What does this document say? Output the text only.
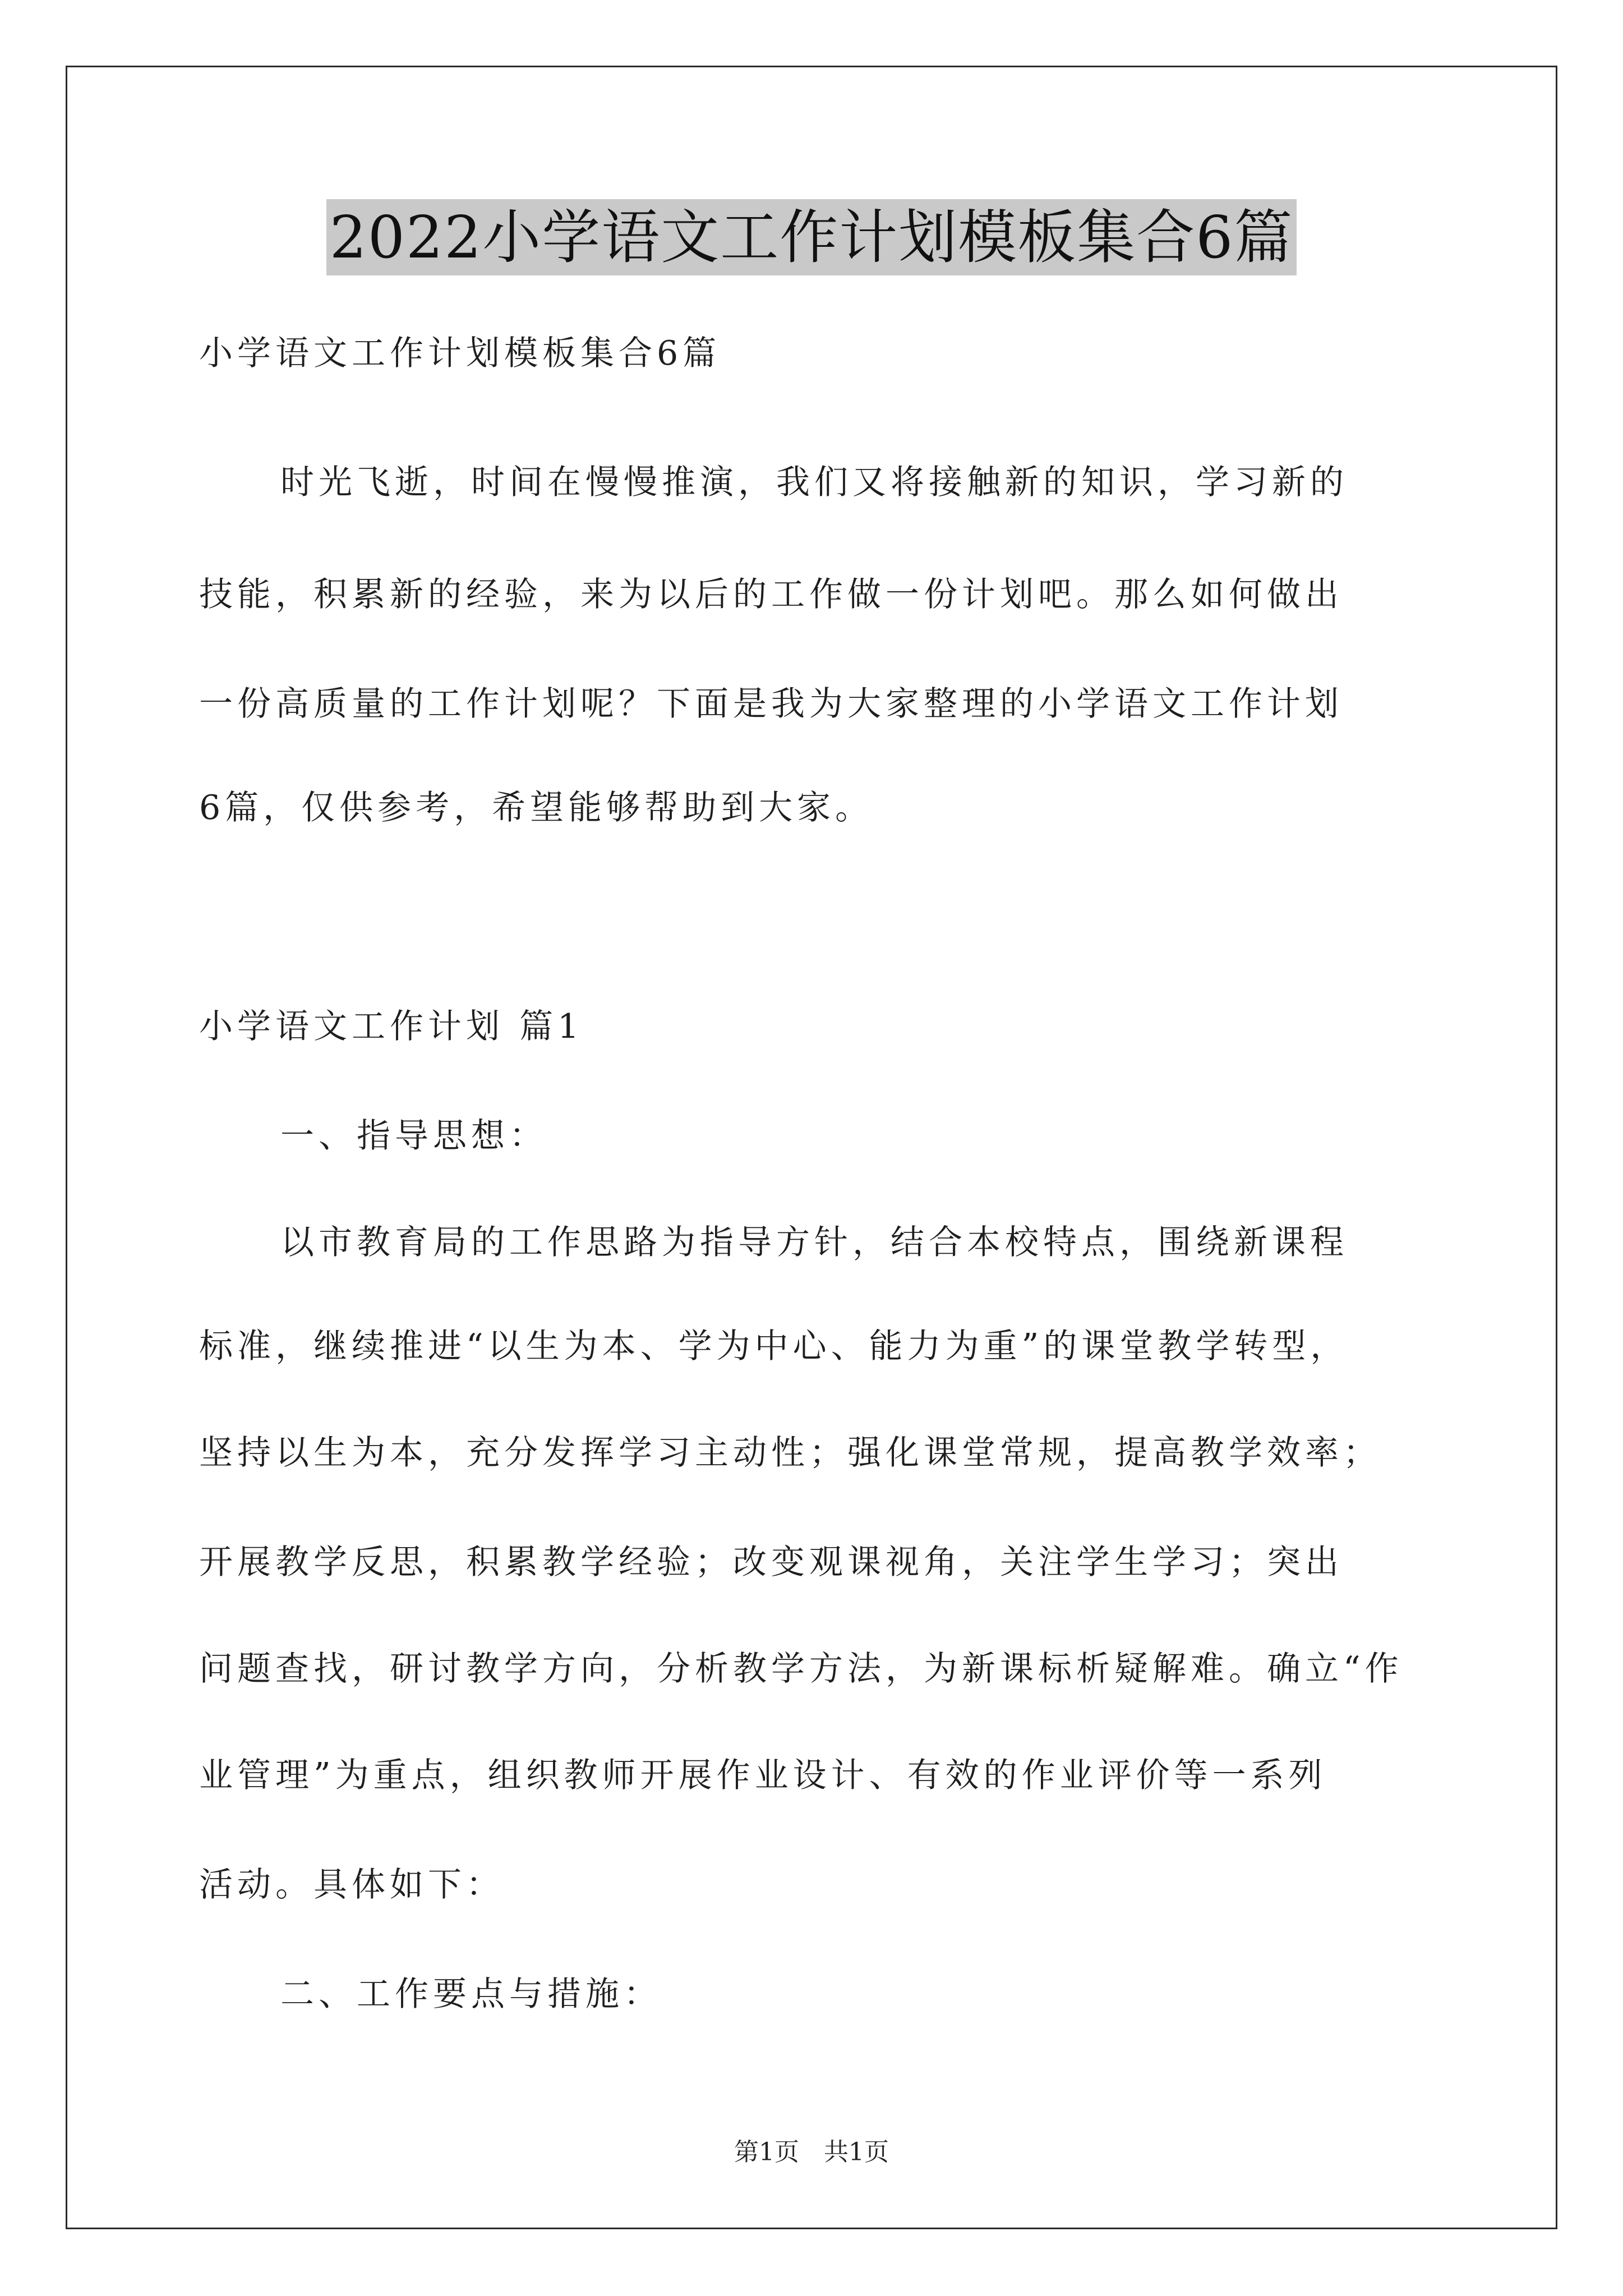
2022小学语文工作计划模板集合6篇
小学语文工作计划模板集合6篇
时光飞逝，时间在慢慢推演，我们又将接触新的知识，学习新的
技能，积累新的经验，来为以后的工作做一份计划吧。那么如何做出
一份高质量的工作计划呢？下面是我为大家整理的小学语文工作计划
6篇，仅供参考，希望能够帮助到大家。
小学语文工作计划 篇1
一、指导思想：
以市教育局的工作思路为指导方针，结合本校特点，围绕新课程
标准，继续推进“以生为本、学为中心、能力为重”的课堂教学转型，
坚持以生为本，充分发挥学习主动性；强化课堂常规，提高教学效率；
开展教学反思，积累教学经验；改变观课视角，关注学生学习；突出
问题查找，研讨教学方向，分析教学方法，为新课标析疑解难。确立“作
业管理”为重点，组织教师开展作业设计、有效的作业评价等一系列
活动。具体如下：
二、工作要点与措施：
第1页 共1页
